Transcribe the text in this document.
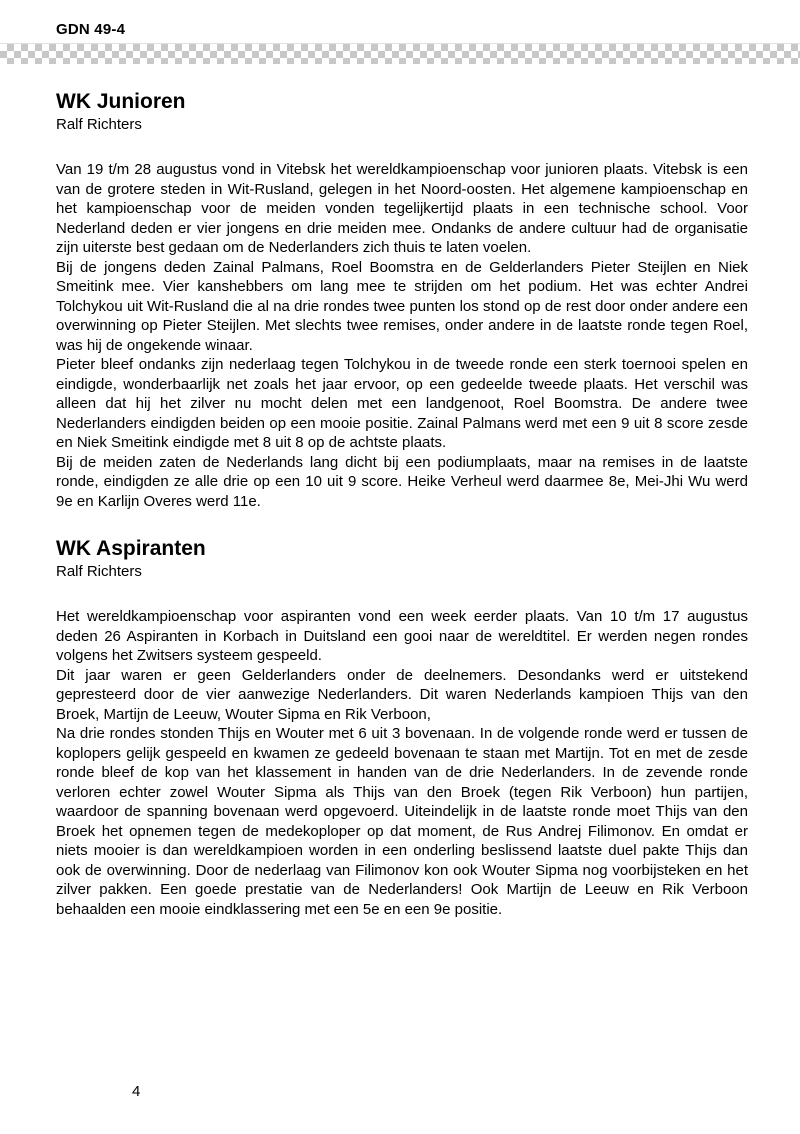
GDN 49-4
WK Junioren
Ralf Richters

Van 19 t/m 28 augustus vond in Vitebsk het wereldkampioenschap voor junioren plaats. Vitebsk is een van de grotere steden in Wit-Rusland, gelegen in het Noord-oosten. Het algemene kampioenschap en het kampioenschap voor de meiden vonden tegelijkertijd plaats in een technische school. Voor Nederland deden er vier jongens en drie meiden mee. Ondanks de andere cultuur had de organisatie zijn uiterste best gedaan om de Nederlanders zich thuis te laten voelen.

Bij de jongens deden Zainal Palmans, Roel Boomstra en de Gelderlanders Pieter Steijlen en Niek Smeitink mee. Vier kanshebbers om lang mee te strijden om het podium. Het was echter Andrei Tolchykou uit Wit-Rusland die al na drie rondes twee punten los stond op de rest door onder andere een overwinning op Pieter Steijlen. Met slechts twee remises, onder andere in de laatste ronde tegen Roel, was hij de ongekende winaar.

Pieter bleef ondanks zijn nederlaag tegen Tolchykou in de tweede ronde een sterk toernooi spelen en eindigde, wonderbaarlijk net zoals het jaar ervoor, op een gedeelde tweede plaats. Het verschil was alleen dat hij het zilver nu mocht delen met een landgenoot, Roel Boomstra. De andere twee Nederlanders eindigden beiden op een mooie positie. Zainal Palmans werd met een 9 uit 8 score zesde en Niek Smeitink eindigde met 8 uit 8 op de achtste plaats.

Bij de meiden zaten de Nederlands lang dicht bij een podiumplaats, maar na remises in de laatste ronde, eindigden ze alle drie op een 10 uit 9 score. Heike Verheul werd daarmee 8e, Mei-Jhi Wu werd 9e en Karlijn Overes werd 11e.

WK Aspiranten
Ralf Richters

Het wereldkampioenschap voor aspiranten vond een week eerder plaats. Van 10 t/m 17 augustus deden 26 Aspiranten in Korbach in Duitsland een gooi naar de wereldtitel. Er werden negen rondes volgens het Zwitsers systeem gespeeld.

Dit jaar waren er geen Gelderlanders onder de deelnemers. Desondanks werd er uitstekend gepresteerd door de vier aanwezige Nederlanders. Dit waren Nederlands kampioen Thijs van den Broek, Martijn de Leeuw, Wouter Sipma en Rik Verboon,

Na drie rondes stonden Thijs en Wouter met 6 uit 3 bovenaan. In de volgende ronde werd er tussen de koplopers gelijk gespeeld en kwamen ze gedeeld bovenaan te staan met Martijn. Tot en met de zesde ronde bleef de kop van het klassement in handen van de drie Nederlanders. In de zevende ronde verloren echter zowel Wouter Sipma als Thijs van den Broek (tegen Rik Verboon) hun partijen, waardoor de spanning bovenaan werd opgevoerd. Uiteindelijk in de laatste ronde moet Thijs van den Broek het opnemen tegen de medekoploper op dat moment, de Rus Andrej Filimonov. En omdat er niets mooier is dan wereldkampioen worden in een onderling beslissend laatste duel pakte Thijs dan ook de overwinning. Door de nederlaag van Filimonov kon ook Wouter Sipma nog voorbijsteken en het zilver pakken. Een goede prestatie van de Nederlanders! Ook Martijn de Leeuw en Rik Verboon behaalden een mooie eindklassering met een 5e en een 9e positie.

4
